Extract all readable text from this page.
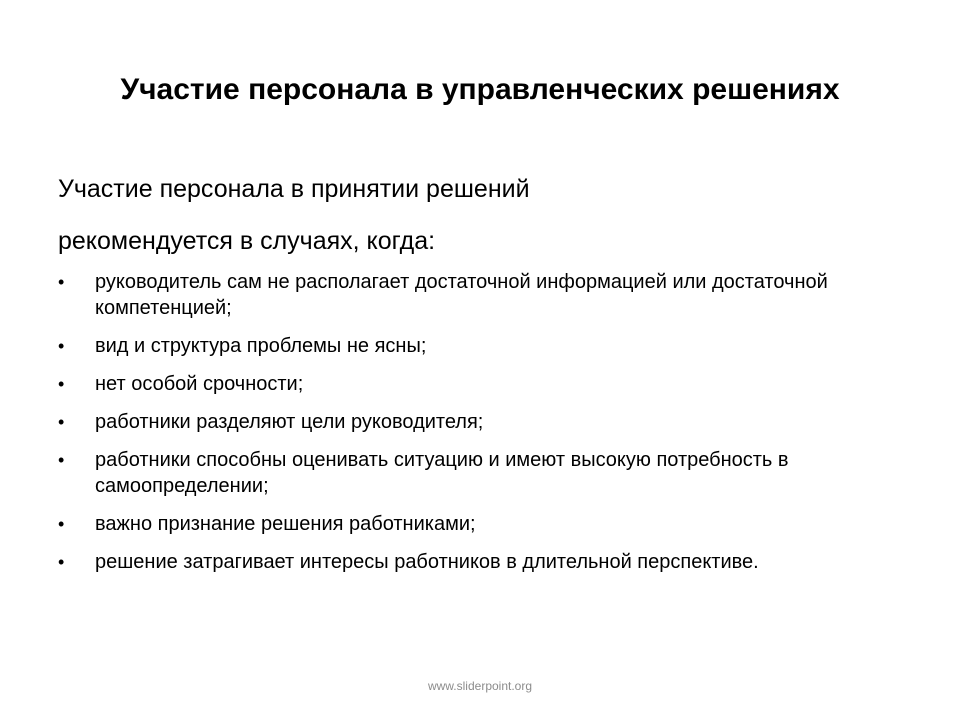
Участие персонала в управленческих решениях

Участие персонала в принятии решений

рекомендуется в случаях, когда:

• руководитель сам не располагает достаточной информацией или достаточной компетенцией;
• вид и структура проблемы не ясны;
• нет особой срочности;
• работники разделяют цели руководителя;
• работники способны оценивать ситуацию и имеют высокую потребность в самоопределении;
• важно признание решения работниками;
• решение затрагивает интересы работников в длительной перспективе.
www.sliderpoint.org
